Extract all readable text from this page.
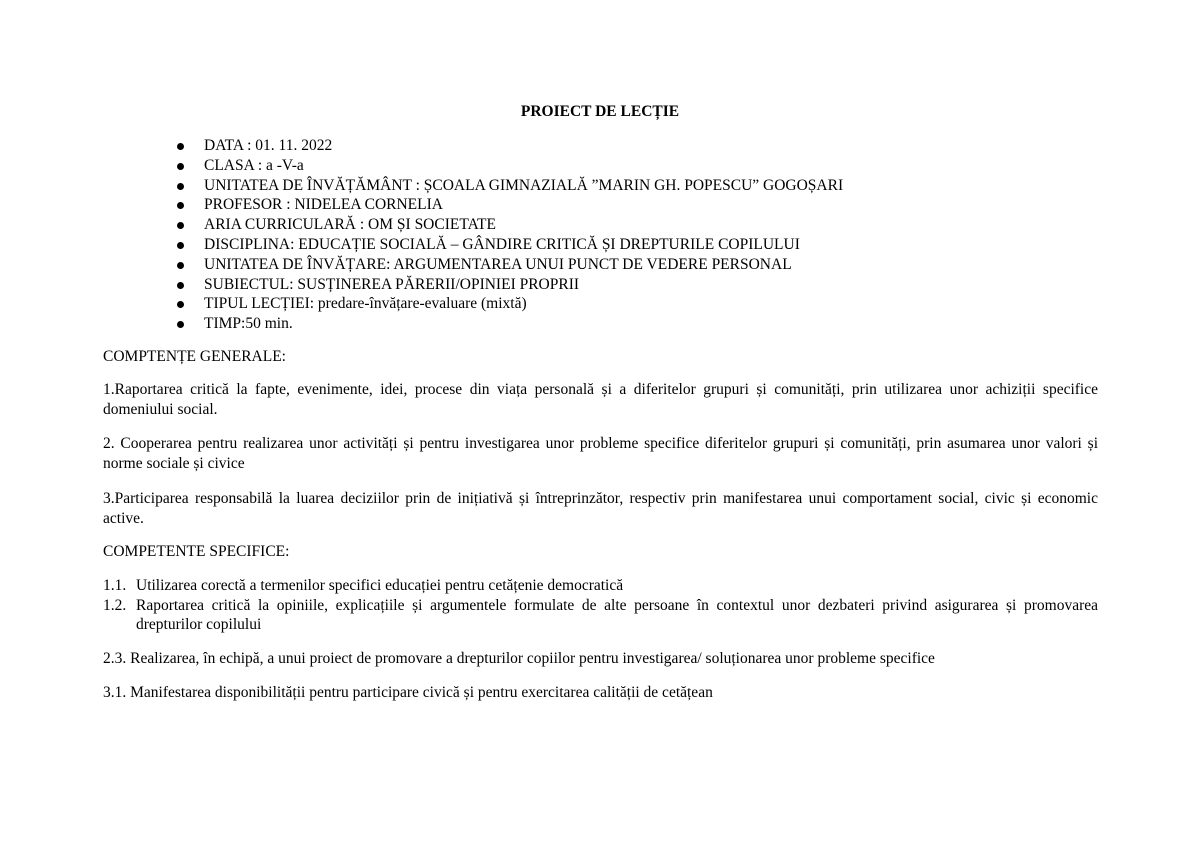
PROIECT DE LECȚIE
DATA : 01. 11. 2022
CLASA : a -V-a
UNITATEA DE ÎNVĂȚĂMÂNT : ȘCOALA GIMNAZIALĂ ”MARIN GH. POPESCU” GOGOȘARI
PROFESOR : NIDELEA CORNELIA
ARIA CURRICULARĂ : OM ȘI SOCIETATE
DISCIPLINA: EDUCAȚIE SOCIALĂ – GÂNDIRE CRITICĂ ȘI DREPTURILE COPILULUI
UNITATEA DE ÎNVĂȚARE: ARGUMENTAREA UNUI PUNCT DE VEDERE PERSONAL
SUBIECTUL: SUSȚINEREA PĂRERII/OPINIEI PROPRII
TIPUL LECȚIEI: predare-învățare-evaluare (mixtă)
TIMP:50 min.
COMPTENȚE GENERALE:
1.Raportarea critică la fapte, evenimente, idei, procese din viața personală și a diferitelor grupuri și comunități, prin utilizarea unor achiziții specifice domeniului social.
2. Cooperarea pentru realizarea unor activități și pentru investigarea unor probleme specifice diferitelor grupuri și comunități, prin asumarea unor valori și norme sociale și civice
3.Participarea responsabilă la luarea deciziilor prin de inițiativă și întreprinzător, respectiv prin manifestarea unui comportament social, civic și economic active.
COMPETENTE SPECIFICE:
1.1. Utilizarea corectă a termenilor specifici educației pentru cetățenie democratică
1.2. Raportarea critică la opiniile, explicațiile și argumentele formulate de alte persoane în contextul unor dezbateri privind asigurarea și promovarea drepturilor copilului
2.3. Realizarea, în echipă, a unui proiect de promovare a drepturilor copiilor pentru investigarea/ soluționarea unor probleme specifice
3.1. Manifestarea disponibilității pentru participare civică și pentru exercitarea calității de cetățean
